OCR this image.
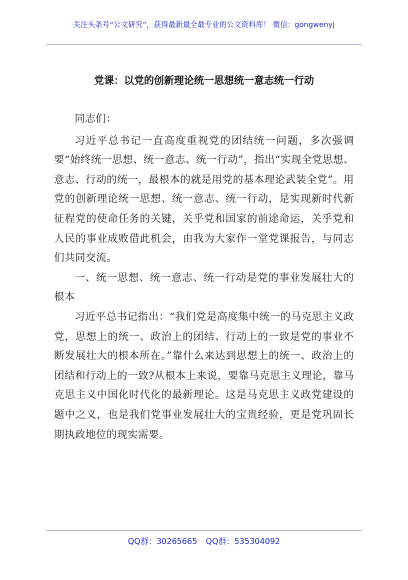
关注头条号“公文研究”，获得最新最全最专业的公文资料库！ 微信：gongwenyj
党课：以党的创新理论统一思想统一意志统一行动

同志们：

习近平总书记一直高度重视党的团结统一问题，多次强调要“始终统一思想、统一意志、统一行动”，指出“实现全党思想、意志、行动的统一，最根本的就是用党的基本理论武装全党”。用党的创新理论统一思想、统一意志、统一行动，是实现新时代新征程党的使命任务的关键，关乎党和国家的前途命运，关乎党和人民的事业成败借此机会，由我为大家作一堂党课报告，与同志们共同交流。

一、统一思想、统一意志、统一行动是党的事业发展壮大的根本

习近平总书记指出：“我们党是高度集中统一的马克思主义政党，思想上的统一、政治上的团结、行动上的一致是党的事业不断发展壮大的根本所在。”靠什么来达到思想上的统一、政治上的团结和行动上的一致?从根本上来说，要靠马克思主义理论，靠马克思主义中国化时代化的最新理论。这是马克思主义政党建设的题中之义，也是我们党事业发展壮大的宝贵经验，更是党巩固长期执政地位的现实需要。

QQ群：30265665 QQ群：535304092
